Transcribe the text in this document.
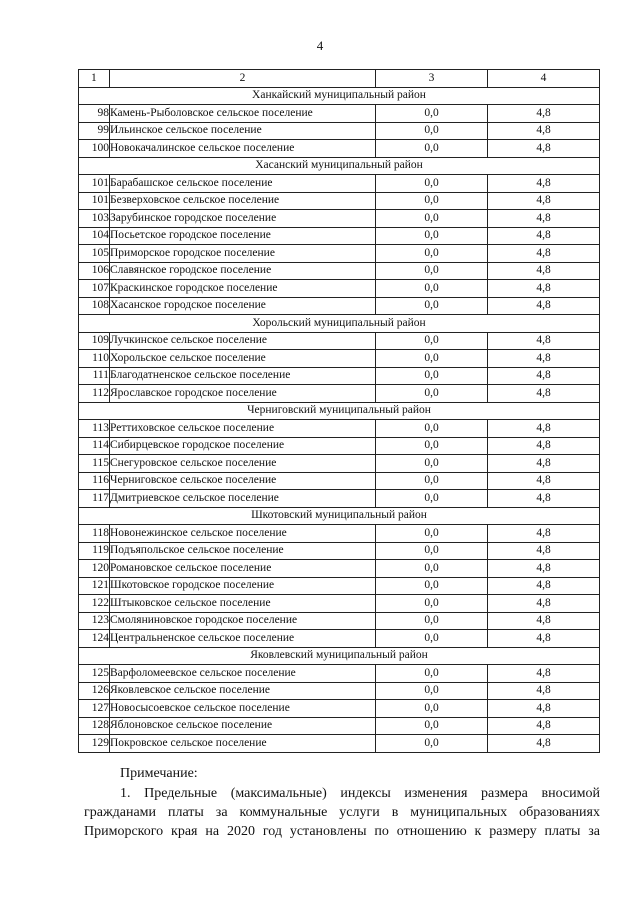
4
1	2	3	4
Ханкайский муниципальный район			
98	Камень-Рыболовское сельское поселение	0,0	4,8
99	Ильинское сельское поселение	0,0	4,8
100	Новокачалинское сельское поселение	0,0	4,8
Хасанский муниципальный район			
101	Барабашское сельское поселение	0,0	4,8
101	Безверховское сельское поселение	0,0	4,8
103	Зарубинское городское поселение	0,0	4,8
104	Посьетское городское поселение	0,0	4,8
105	Приморское городское поселение	0,0	4,8
106	Славянское городское поселение	0,0	4,8
107	Краскинское городское поселение	0,0	4,8
108	Хасанское городское поселение	0,0	4,8
Хорольский муниципальный район			
109	Лучкинское сельское поселение	0,0	4,8
110	Хорольское сельское поселение	0,0	4,8
111	Благодатненское сельское поселение	0,0	4,8
112	Ярославское городское поселение	0,0	4,8
Черниговский муниципальный район			
113	Реттиховское сельское поселение	0,0	4,8
114	Сибирцевское городское поселение	0,0	4,8
115	Снегуровское сельское поселение	0,0	4,8
116	Черниговское сельское поселение	0,0	4,8
117	Дмитриевское сельское поселение	0,0	4,8
Шкотовский муниципальный район			
118	Новонежинское сельское поселение	0,0	4,8
119	Подъяпольское сельское поселение	0,0	4,8
120	Романовское сельское поселение	0,0	4,8
121	Шкотовское городское поселение	0,0	4,8
122	Штыковское сельское поселение	0,0	4,8
123	Смоляниновское городское поселение	0,0	4,8
124	Центральненское сельское поселение	0,0	4,8
Яковлевский муниципальный район			
125	Варфоломеевское сельское поселение	0,0	4,8
126	Яковлевское сельское поселение	0,0	4,8
127	Новосысоевское сельское поселение	0,0	4,8
128	Яблоновское сельское поселение	0,0	4,8
129	Покровское сельское поселение	0,0	4,8
Примечание:
1. Предельные (максимальные) индексы изменения размера вносимой
гражданами платы за коммунальные услуги в муниципальных образованиях
Приморского края на 2020 год установлены по отношению к размеру платы за
